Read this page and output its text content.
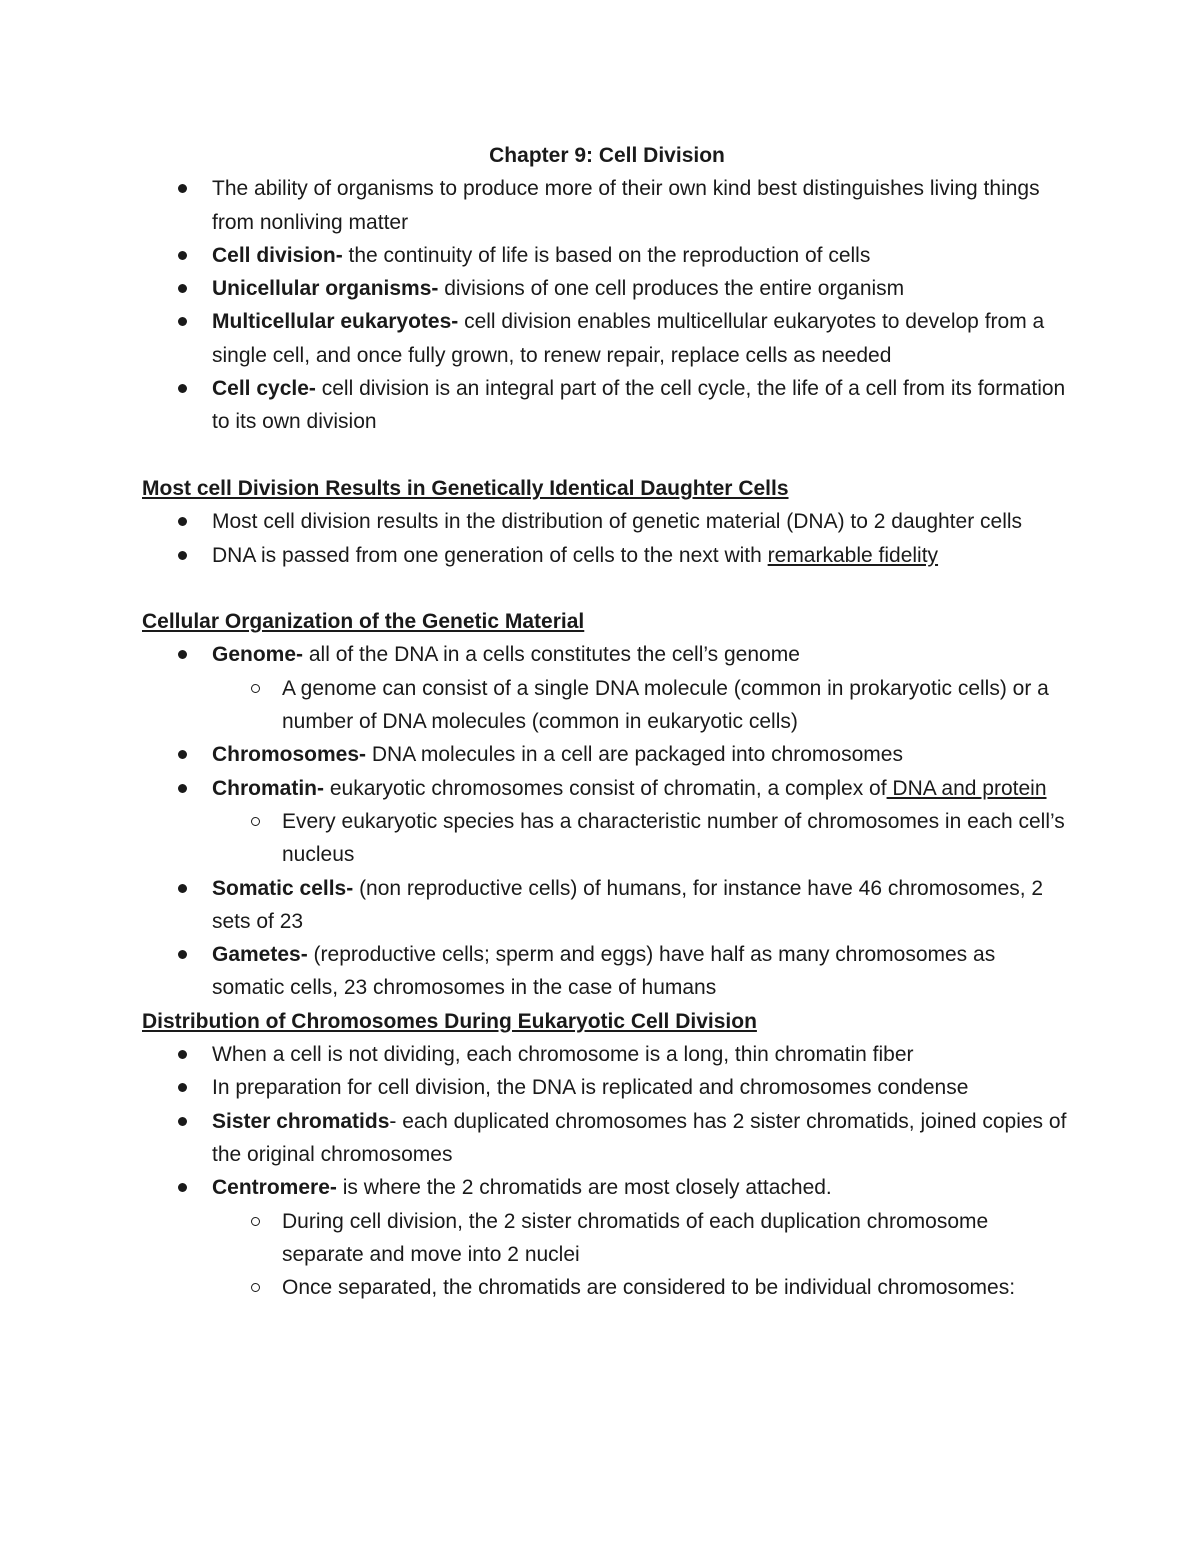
Chapter 9: Cell Division

The ability of organisms to produce more of their own kind best distinguishes living things from nonliving matter
Cell division- the continuity of life is based on the reproduction of cells
Unicellular organisms- divisions of one cell produces the entire organism
Multicellular eukaryotes- cell division enables multicellular eukaryotes to develop from a single cell, and once fully grown, to renew repair, replace cells as needed
Cell cycle- cell division is an integral part of the cell cycle, the life of a cell from its formation to its own division

Most cell Division Results in Genetically Identical Daughter Cells

Most cell division results in the distribution of genetic material (DNA) to 2 daughter cells
DNA is passed from one generation of cells to the next with remarkable fidelity

Cellular Organization of the Genetic Material

Genome- all of the DNA in a cells constitutes the cell’s genome
A genome can consist of a single DNA molecule (common in prokaryotic cells) or a number of DNA molecules (common in eukaryotic cells)
Chromosomes- DNA molecules in a cell are packaged into chromosomes
Chromatin- eukaryotic chromosomes consist of chromatin, a complex of DNA and protein
Every eukaryotic species has a characteristic number of chromosomes in each cell’s nucleus
Somatic cells- (non reproductive cells) of humans, for instance have 46 chromosomes, 2 sets of 23
Gametes- (reproductive cells; sperm and eggs) have half as many chromosomes as somatic cells, 23 chromosomes in the case of humans

Distribution of Chromosomes During Eukaryotic Cell Division

When a cell is not dividing, each chromosome is a long, thin chromatin fiber
In preparation for cell division, the DNA is replicated and chromosomes condense
Sister chromatids- each duplicated chromosomes has 2 sister chromatids, joined copies of the original chromosomes
Centromere- is where the 2 chromatids are most closely attached.
During cell division, the 2 sister chromatids of each duplication chromosome separate and move into 2 nuclei
Once separated, the chromatids are considered to be individual chromosomes:
